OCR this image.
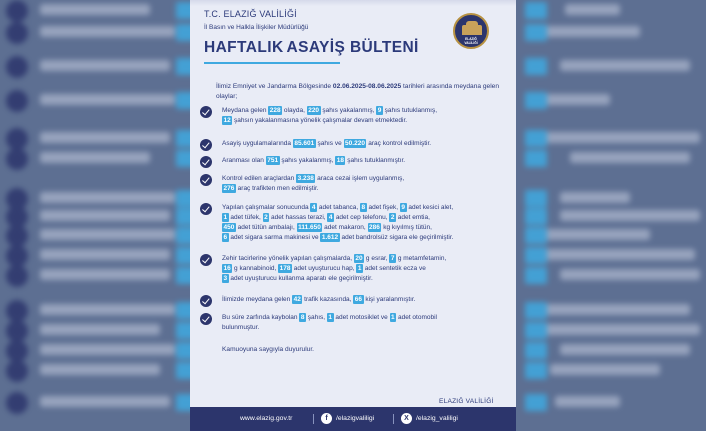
T.C. ELAZIĞ VALİLİĞİ
İl Basın ve Halkla İlişkiler Müdürlüğü
HAFTALIK ASAYİŞ BÜLTENİ	ELAZIĞ VALİLİĞİ
İlimiz Emniyet ve Jandarma Bölgesinde 02.06.2025-08.06.2025 tarihleri arasında meydana gelen olaylar;
Meydana gelen 228 olayda, 220 şahıs yakalanmış, 9 şahıs tutuklanmış,
12 şahsın yakalanmasına yönelik çalışmalar devam etmektedir.
Asayiş uygulamalarında 85.601 şahıs ve 50.220 araç kontrol edilmiştir.
Aranması olan 751 şahıs yakalanmış, 18 şahıs tutuklanmıştır.
Kontrol edilen araçlardan 3.238 araca cezai işlem uygulanmış,
276 araç trafikten men edilmiştir.
Yapılan çalışmalar sonucunda 4 adet tabanca, 8 adet fişek, 9 adet kesici alet,
1 adet tüfek, 2 adet hassas terazi, 4 adet cep telefonu, 2 adet emtia,
450 adet tütün ambalajı, 111.650 adet makaron, 286 kg kıyılmış tütün,
6 adet sigara sarma makinesi ve 1.612 adet bandrolsüz sigara ele geçirilmiştir.
Zehir tacirlerine yönelik yapılan çalışmalarda, 20 g esrar, 7 g metamfetamin,
16 g kannabinoid, 178 adet uyuşturucu hap, 1 adet sentetik ecza ve
3 adet uyuşturucu kullanma aparatı ele geçirilmiştir.
İlimizde meydana gelen 42 trafik kazasında, 66 kişi yaralanmıştır.
Bu süre zarfında kaybolan 8 şahıs, 1 adet motosiklet ve 1 adet otomobil
bulunmuştur.
Kamuoyuna saygıyla duyurulur.
ELAZIĞ VALİLİĞİ
www.elazig.gov.tr	f	/elazigvaliligi	X	/elazig_valiligi
